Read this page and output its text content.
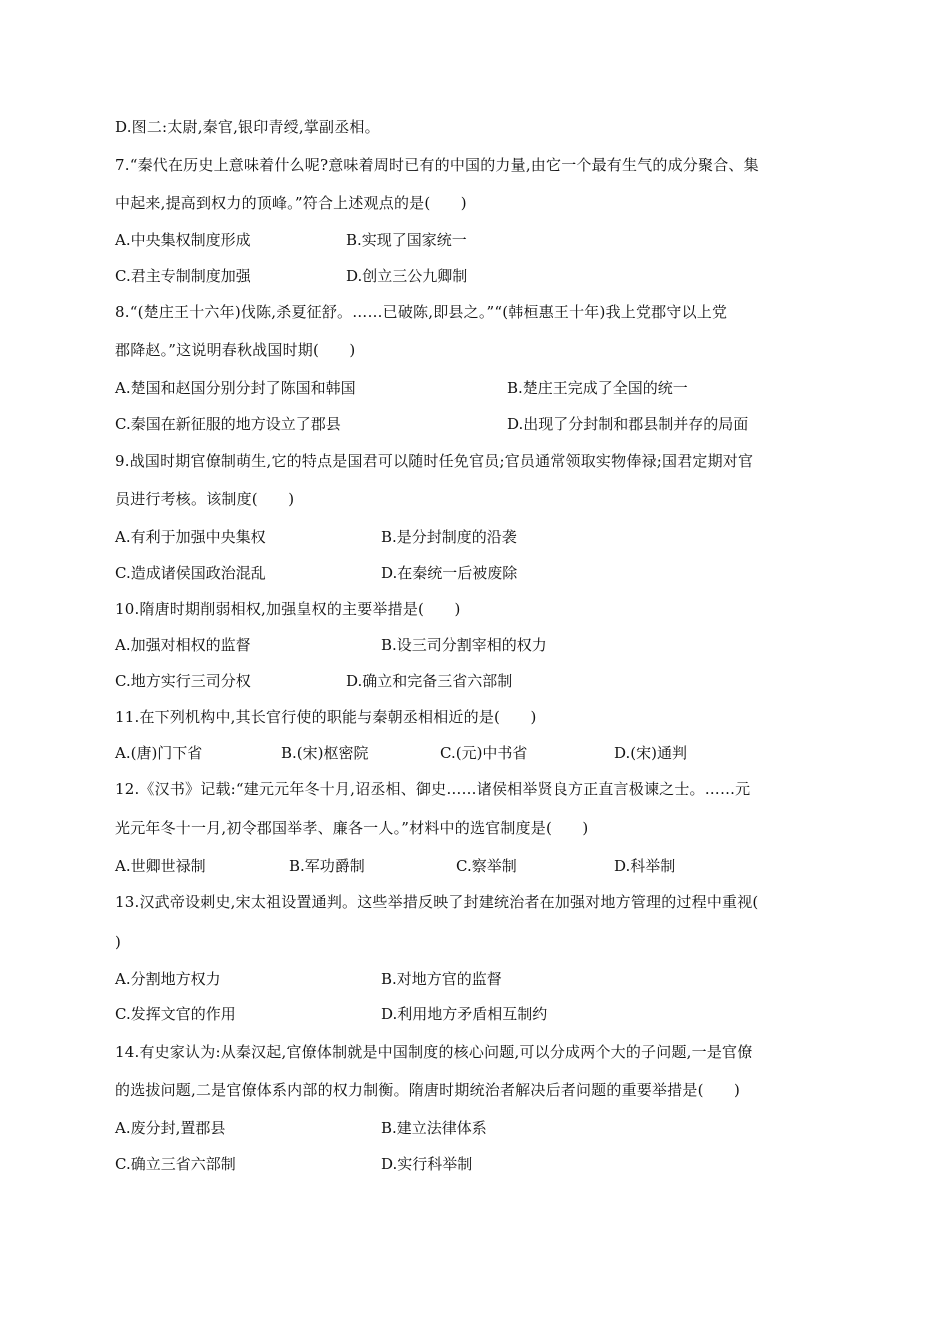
D.图二:太尉,秦官,银印青绶,掌副丞相。
7.“秦代在历史上意味着什么呢?意味着周时已有的中国的力量,由它一个最有生气的成分聚合、集
中起来,提高到权力的顶峰。”符合上述观点的是(　　)
A.中央集权制度形成	B.实现了国家统一
C.君主专制制度加强	D.创立三公九卿制
8.“(楚庄王十六年)伐陈,杀夏征舒。……已破陈,即县之。”“(韩桓惠王十年)我上党郡守以上党
郡降赵。”这说明春秋战国时期(　　)
A.楚国和赵国分别分封了陈国和韩国	B.楚庄王完成了全国的统一
C.秦国在新征服的地方设立了郡县	D.出现了分封制和郡县制并存的局面
9.战国时期官僚制萌生,它的特点是国君可以随时任免官员;官员通常领取实物俸禄;国君定期对官
员进行考核。该制度(　　)
A.有利于加强中央集权	B.是分封制度的沿袭
C.造成诸侯国政治混乱	D.在秦统一后被废除
10.隋唐时期削弱相权,加强皇权的主要举措是(　　)
A.加强对相权的监督	B.设三司分割宰相的权力
C.地方实行三司分权	D.确立和完备三省六部制
11.在下列机构中,其长官行使的职能与秦朝丞相相近的是(　　)
A.(唐)门下省	B.(宋)枢密院	C.(元)中书省	D.(宋)通判
12.《汉书》记载:“建元元年冬十月,诏丞相、御史……诸侯相举贤良方正直言极谏之士。……元
光元年冬十一月,初令郡国举孝、廉各一人。”材料中的选官制度是(　　)
A.世卿世禄制	B.军功爵制	C.察举制	D.科举制
13.汉武帝设刺史,宋太祖设置通判。这些举措反映了封建统治者在加强对地方管理的过程中重视(
)
A.分割地方权力	B.对地方官的监督
C.发挥文官的作用	D.利用地方矛盾相互制约
14.有史家认为:从秦汉起,官僚体制就是中国制度的核心问题,可以分成两个大的子问题,一是官僚
的选拔问题,二是官僚体系内部的权力制衡。隋唐时期统治者解决后者问题的重要举措是(　　)
A.废分封,置郡县	B.建立法律体系
C.确立三省六部制	D.实行科举制
